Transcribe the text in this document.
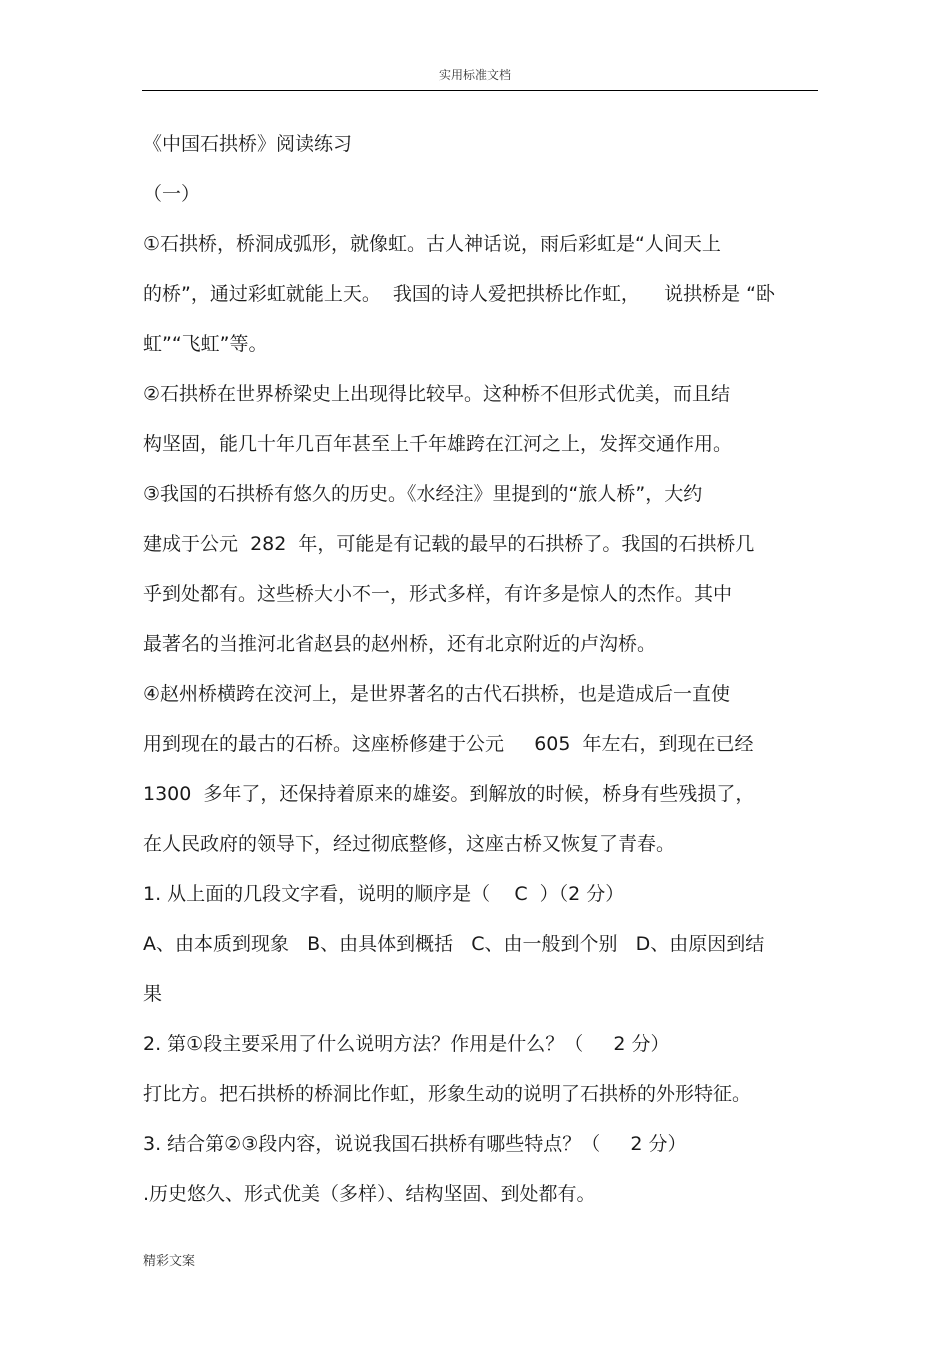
实用标准文档
《中国石拱桥》阅读练习
（一）
①石拱桥，桥洞成弧形，就像虹。古人神话说，雨后彩虹是“人间天上
的桥”，通过彩虹就能上天。  我国的诗人爱把拱桥比作虹，    说拱桥是 “卧
虹”“飞虹”等。
②石拱桥在世界桥梁史上出现得比较早。这种桥不但形式优美，而且结
构坚固，能几十年几百年甚至上千年雄跨在江河之上，发挥交通作用。
③我国的石拱桥有悠久的历史。《水经注》里提到的“旅人桥”，大约
建成于公元  282  年，可能是有记载的最早的石拱桥了。我国的石拱桥几
乎到处都有。这些桥大小不一，形式多样，有许多是惊人的杰作。其中
最著名的当推河北省赵县的赵州桥，还有北京附近的卢沟桥。
④赵州桥横跨在洨河上，是世界著名的古代石拱桥，也是造成后一直使
用到现在的最古的石桥。这座桥修建于公元     605  年左右，到现在已经
1300  多年了，还保持着原来的雄姿。到解放的时候，桥身有些残损了，
在人民政府的领导下，经过彻底整修，这座古桥又恢复了青春。
1. 从上面的几段文字看，说明的顺序是（    C  ）（2 分）
A、由本质到现象   B、由具体到概括   C、由一般到个别   D、由原因到结
果
2. 第①段主要采用了什么说明方法？作用是什么？（     2 分）
打比方。把石拱桥的桥洞比作虹，形象生动的说明了石拱桥的外形特征。
3. 结合第②③段内容，说说我国石拱桥有哪些特点？（     2 分）
.历史悠久、形式优美（多样）、结构坚固、到处都有。
精彩文案
